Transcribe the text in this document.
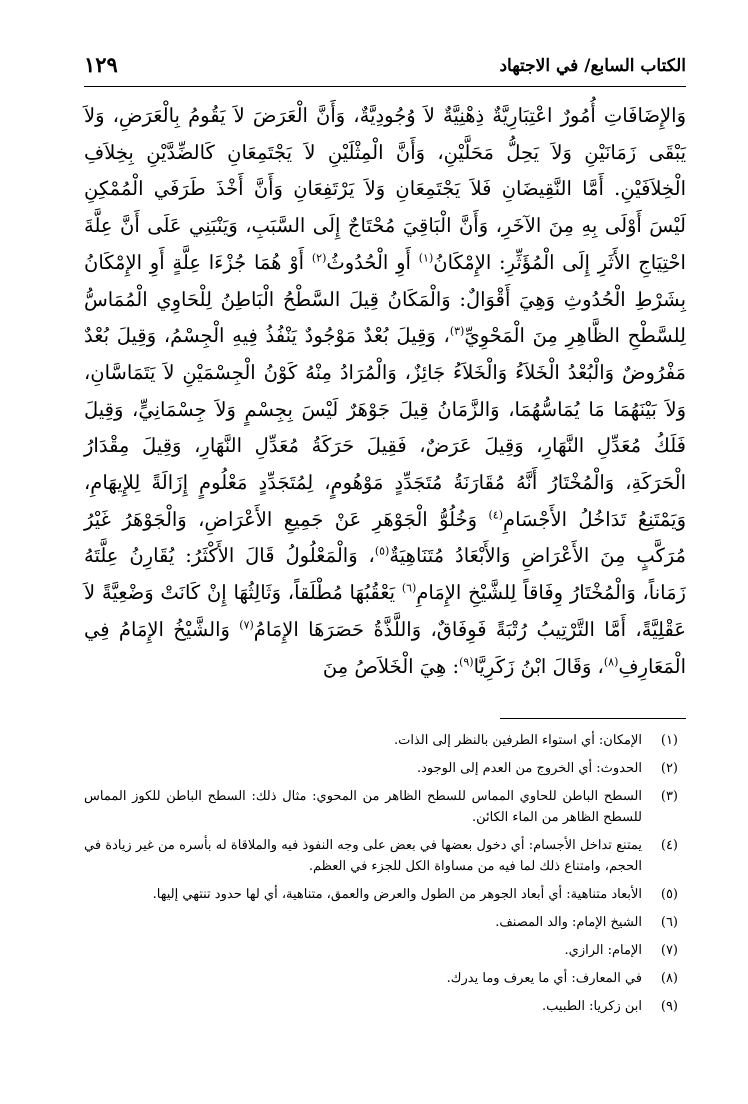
الكتاب السابع/ في الاجتهاد
١٢٩

وَالإِضَافَاتِ أُمُورٌ اعْتِبَارِيَّةٌ ذِهْنِيَّةٌ لاَ وُجُودِيَّةٌ، وَأَنَّ الْعَرَضَ لاَ يَقُومُ بِالْعَرَضِ، وَلاَ يَبْقَى زَمَانَيْنِ وَلاَ يَحِلُّ مَحَلَّيْنِ، وَأَنَّ الْمِثْلَيْنِ لاَ يَجْتَمِعَانِ كَالضِّدَّيْنِ بِخِلاَفِ الْخِلاَفَيْنِ. أَمَّا النَّقِيضَانِ فَلاَ يَجْتَمِعَانِ وَلاَ يَرْتَفِعَانِ وَأَنَّ أَخْذَ طَرَفَي الْمُمْكِنِ لَيْسَ أَوْلَى بِهِ مِنَ الآخَرِ، وَأَنَّ الْبَاقِيَ مُحْتَاجٌ إِلَى السَّبَبِ، وَيَنْبَنِي عَلَى أَنَّ عِلَّةَ احْتِيَاجِ الأَثَرِ إِلَى الْمُؤَثِّرِ: الإِمْكَانُ$^{(١)}$ أَوِ الْحُدُوثُ$^{(٢)}$ أَوْ هُمَا جُزْءَا عِلَّةٍ أَوِ الإِمْكَانُ بِشَرْطِ الْحُدُوثِ وَهِيَ أَقْوَالٌ: وَالْمَكَانُ قِيلَ السَّطْحُ الْبَاطِنُ لِلْحَاوِي الْمُمَاسُّ لِلسَّطْحِ الظَّاهِرِ مِنَ الْمَحْوِيِّ$^{(٣)}$، وَقِيلَ بُعْدٌ مَوْجُودٌ يَنْفُذُ فِيهِ الْجِسْمُ، وَقِيلَ بُعْدٌ مَفْرُوضٌ وَالْبُعْدُ الْخَلاَءُ وَالْخَلاَءُ جَائِزٌ، وَالْمُرَادُ مِنْهُ كَوْنُ الْجِسْمَيْنِ لاَ يَتَمَاسَّانِ، وَلاَ بَيْنَهُمَا مَا يُمَاسُّهُمَا، وَالزَّمَانُ قِيلَ جَوْهَرٌ لَيْسَ بِجِسْمٍ وَلاَ جِسْمَانِيٍّ، وَقِيلَ فَلَكُ مُعَدِّلِ النَّهَارِ، وَقِيلَ عَرَضٌ، فَقِيلَ حَرَكَةُ مُعَدِّلِ النَّهَارِ، وَقِيلَ مِقْدَارُ الْحَرَكَةِ، وَالْمُخْتَارُ أَنَّهُ مُقَارَنَةُ مُتَجَدِّدٍ مَوْهُومٍ، لِمُتَجَدِّدٍ مَعْلُومٍ إِزَالَةً لِلإِيهَامِ، وَيَمْتَنِعُ تَدَاخُلُ الأَجْسَامِ$^{(٤)}$ وَخُلُوُّ الْجَوْهَرِ عَنْ جَمِيعِ الأَعْرَاضِ، وَالْجَوْهَرُ غَيْرُ مُرَكَّبٍ مِنَ الأَعْرَاضِ وَالأَبْعَادُ مُتَنَاهِيَةٌ$^{(٥)}$، وَالْمَعْلُولُ قَالَ الأَكْثَرُ: يُقَارِنُ عِلَّتَهُ زَمَاناً، وَالْمُخْتَارُ وِفَاقاً لِلشَّيْخِ الإِمَامِ$^{(٦)}$ يَعْقُبُهَا مُطْلَقاً، وَثَالِثُهَا إِنْ كَانَتْ وَضْعِيَّةً لاَ عَقْلِيَّةً، أَمَّا التَّرْتِيبُ رُتْبَةً فَوِفَاقٌ، وَاللَّذَّةُ حَصَرَهَا الإِمَامُ$^{(٧)}$ وَالشَّيْخُ الإِمَامُ فِي الْمَعَارِفِ$^{(٨)}$، وَقَالَ ابْنُ زَكَرِيَّا$^{(٩)}$: هِيَ الْخَلاَصُ مِنَ

(١)
الإمكان: أي استواء الطرفين بالنظر إلى الذات.
(٢)
الحدوث: أي الخروج من العدم إلى الوجود.
(٣)
السطح الباطن للحاوي المماس للسطح الظاهر من المحوي: مثال ذلك: السطح الباطن للكوز المماس للسطح الظاهر من الماء الكائن.
(٤)
يمتنع تداخل الأجسام: أي دخول بعضها في بعض على وجه النفوذ فيه والملاقاة له بأسره من غير زيادة في الحجم، وامتناع ذلك لما فيه من مساواة الكل للجزء في العظم.
(٥)
الأبعاد متناهية: أي أبعاد الجوهر من الطول والعرض والعمق، متناهية، أي لها حدود تنتهي إليها.
(٦)
الشيخ الإمام: والد المصنف.
(٧)
الإمام: الرازي.
(٨)
في المعارف: أي ما يعرف وما يدرك.
(٩)
ابن زكريا: الطبيب.
